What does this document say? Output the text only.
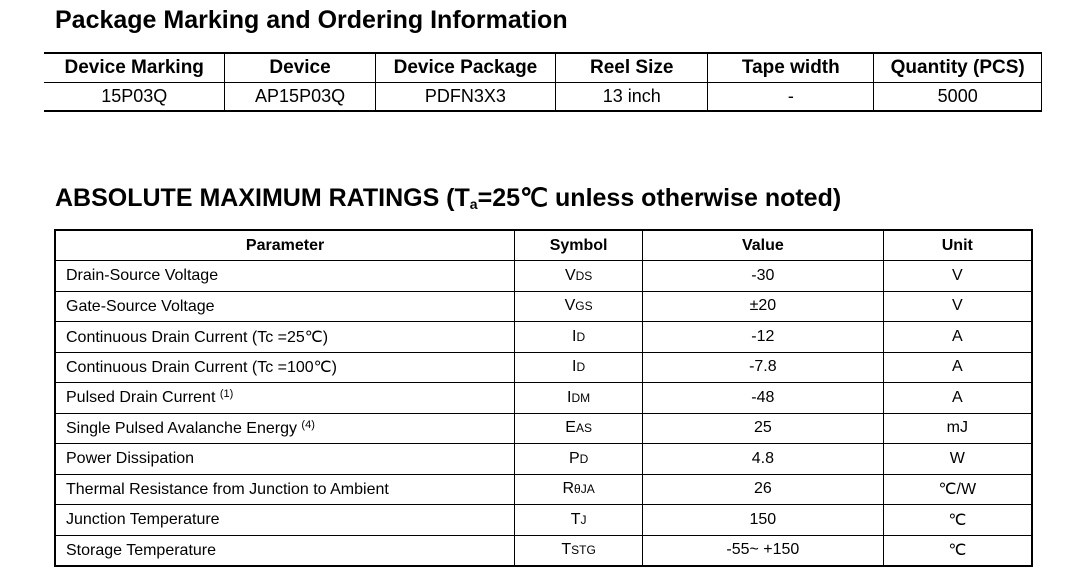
Package Marking and Ordering Information
Device Marking	Device	Device Package	Reel Size	Tape width	Quantity (PCS)
15P03Q	AP15P03Q	PDFN3X3	13 inch	-	5000
ABSOLUTE MAXIMUM RATINGS ($T_a=25℃$ unless otherwise noted)
Parameter	Symbol	Value	Unit
Drain-Source Voltage	VDS	-30	V
Gate-Source Voltage	VGS	±20	V
Continuous Drain Current (Tc =25℃)	ID	-12	A
Continuous Drain Current (Tc =100℃)	ID	-7.8	A
Pulsed Drain Current $^{(1)}$	IDM	-48	A
Single Pulsed Avalanche Energy $^{(4)}$	EAS	25	mJ
Power Dissipation	PD	4.8	W
Thermal Resistance from Junction to Ambient	RθJA	26	℃/W
Junction Temperature	TJ	150	℃
Storage Temperature	TSTG	-55~ +150	℃
